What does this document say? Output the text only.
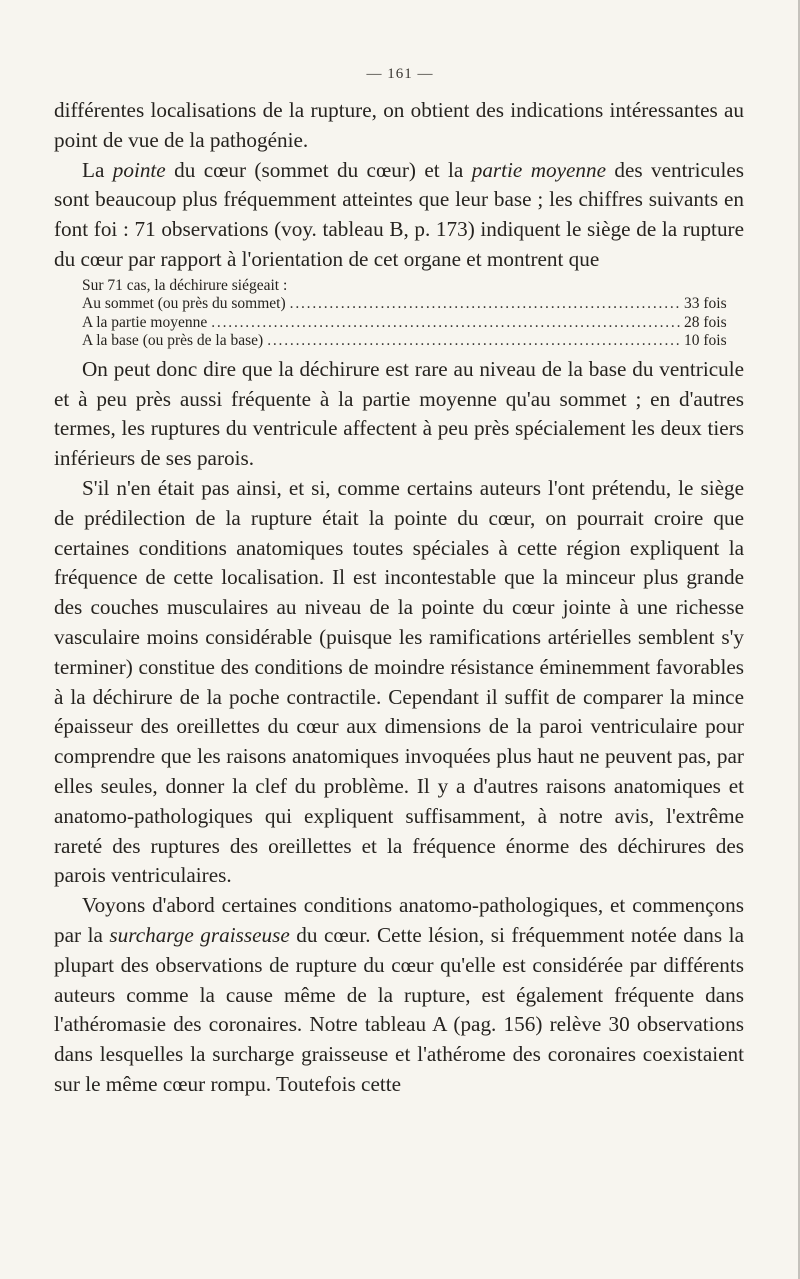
— 161 —

différentes localisations de la rupture, on obtient des indications intéressantes au point de vue de la pathogénie.

La pointe du cœur (sommet du cœur) et la partie moyenne des ventricules sont beaucoup plus fréquemment atteintes que leur base ; les chiffres suivants en font foi : 71 observations (voy. tableau B, p. 173) indiquent le siège de la rupture du cœur par rapport à l'orientation de cet organe et montrent que

Sur 71 cas, la déchirure siégeait :
Au sommet (ou près du sommet) .....	33 fois
A la partie moyenne .....	28 fois
A la base (ou près de la base) .....	10 fois

On peut donc dire que la déchirure est rare au niveau de la base du ventricule et à peu près aussi fréquente à la partie moyenne qu'au sommet ; en d'autres termes, les ruptures du ventricule affectent à peu près spécialement les deux tiers inférieurs de ses parois.

S'il n'en était pas ainsi, et si, comme certains auteurs l'ont prétendu, le siège de prédilection de la rupture était la pointe du cœur, on pourrait croire que certaines conditions anatomiques toutes spéciales à cette région expliquent la fréquence de cette localisation. Il est incontestable que la minceur plus grande des couches musculaires au niveau de la pointe du cœur jointe à une richesse vasculaire moins considérable (puisque les ramifications artérielles semblent s'y terminer) constitue des conditions de moindre résistance éminemment favorables à la déchirure de la poche contractile. Cependant il suffit de comparer la mince épaisseur des oreillettes du cœur aux dimensions de la paroi ventriculaire pour comprendre que les raisons anatomiques invoquées plus haut ne peuvent pas, par elles seules, donner la clef du problème. Il y a d'autres raisons anatomiques et anatomo-pathologiques qui expliquent suffisamment, à notre avis, l'extrême rareté des ruptures des oreillettes et la fréquence énorme des déchirures des parois ventriculaires.

Voyons d'abord certaines conditions anatomo-pathologiques, et commençons par la surcharge graisseuse du cœur. Cette lésion, si fréquemment notée dans la plupart des observations de rupture du cœur qu'elle est considérée par différents auteurs comme la cause même de la rupture, est également fréquente dans l'athéromasie des coronaires. Notre tableau A (pag. 156) relève 30 observations dans lesquelles la surcharge graisseuse et l'athérome des coronaires coexistaient sur le même cœur rompu. Toutefois cette
